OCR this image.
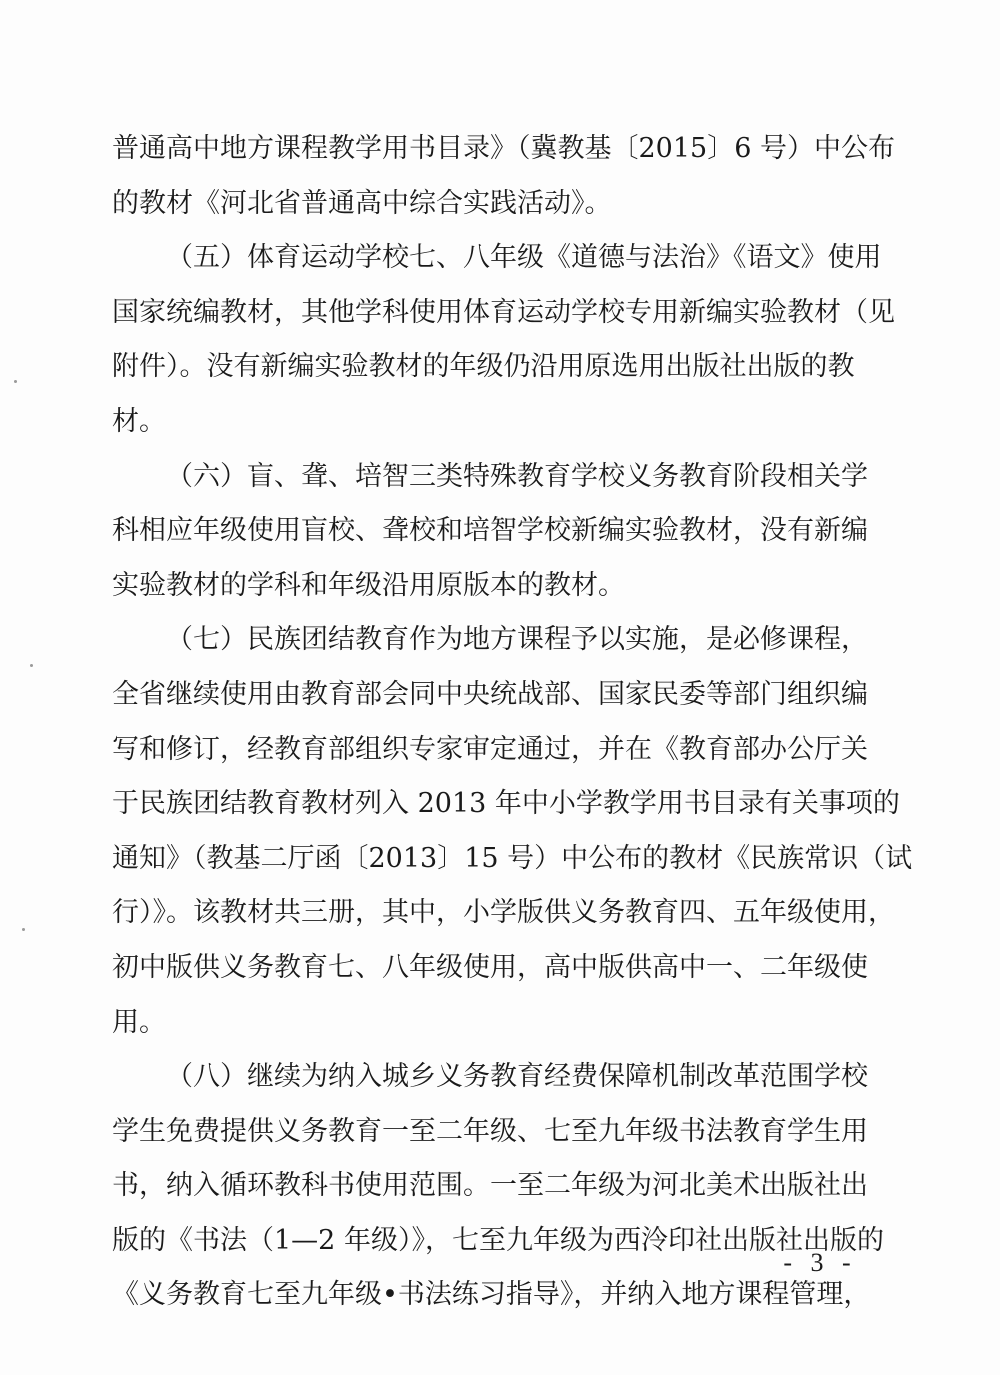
普通高中地方课程教学用书目录》（冀教基〔2015〕6 号）中公布
的教材《河北省普通高中综合实践活动》。
（五）体育运动学校七、八年级《道德与法治》《语文》使用
国家统编教材，其他学科使用体育运动学校专用新编实验教材（见
附件）。没有新编实验教材的年级仍沿用原选用出版社出版的教
材。
（六）盲、聋、培智三类特殊教育学校义务教育阶段相关学
科相应年级使用盲校、聋校和培智学校新编实验教材，没有新编
实验教材的学科和年级沿用原版本的教材。
（七）民族团结教育作为地方课程予以实施，是必修课程，
全省继续使用由教育部会同中央统战部、国家民委等部门组织编
写和修订，经教育部组织专家审定通过，并在《教育部办公厅关
于民族团结教育教材列入 2013 年中小学教学用书目录有关事项的
通知》（教基二厅函〔2013〕15 号）中公布的教材《民族常识（试
行）》。该教材共三册，其中，小学版供义务教育四、五年级使用，
初中版供义务教育七、八年级使用，高中版供高中一、二年级使
用。
（八）继续为纳入城乡义务教育经费保障机制改革范围学校
学生免费提供义务教育一至二年级、七至九年级书法教育学生用
书，纳入循环教科书使用范围。一至二年级为河北美术出版社出
版的《书法（1—2 年级）》，七至九年级为西泠印社出版社出版的
《义务教育七至九年级•书法练习指导》，并纳入地方课程管理，
- 3 -
